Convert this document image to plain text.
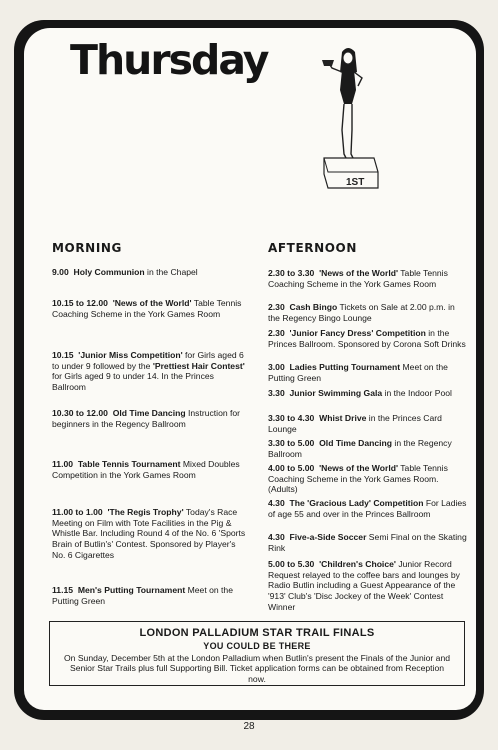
Thursday
1ST
MORNING	AFTERNOON
9.00 Holy Communion in the Chapel
10.15 to 12.00 'News of the World' Table Tennis Coaching Scheme in the York Games Room
10.15 'Junior Miss Competition' for Girls aged 6 to under 9 followed by the 'Prettiest Hair Contest' for Girls aged 9 to under 14. In the Princes Ballroom
10.30 to 12.00 Old Time Dancing Instruction for beginners in the Regency Ballroom
11.00 Table Tennis Tournament Mixed Doubles Competition in the York Games Room
11.00 to 1.00 'The Regis Trophy' Today's Race Meeting on Film with Tote Facilities in the Pig & Whistle Bar. Including Round 4 of the No. 6 'Sports Brain of Butlin's' Contest. Sponsored by Player's No. 6 Cigarettes
11.15 Men's Putting Tournament Meet on the Putting Green
2.30 to 3.30 'News of the World' Table Tennis Coaching Scheme in the York Games Room
2.30 Cash Bingo Tickets on Sale at 2.00 p.m. in the Regency Bingo Lounge
2.30 'Junior Fancy Dress' Competition in the Princes Ballroom. Sponsored by Corona Soft Drinks
3.00 Ladies Putting Tournament Meet on the Putting Green
3.30 Junior Swimming Gala in the Indoor Pool
3.30 to 4.30 Whist Drive in the Princes Card Lounge
3.30 to 5.00 Old Time Dancing in the Regency Ballroom
4.00 to 5.00 'News of the World' Table Tennis Coaching Scheme in the York Games Room. (Adults)
4.30 The 'Gracious Lady' Competition For Ladies of age 55 and over in the Princes Ballroom
4.30 Five-a-Side Soccer Semi Final on the Skating Rink
5.00 to 5.30 'Children's Choice' Junior Record Request relayed to the coffee bars and lounges by Radio Butlin including a Guest Appearance of the '913' Club's 'Disc Jockey of the Week' Contest Winner
LONDON PALLADIUM STAR TRAIL FINALS
YOU COULD BE THERE
On Sunday, December 5th at the London Palladium when Butlin's present the Finals of the Junior and Senior Star Trails plus full Supporting Bill. Ticket application forms can be obtained from Reception now.
28
